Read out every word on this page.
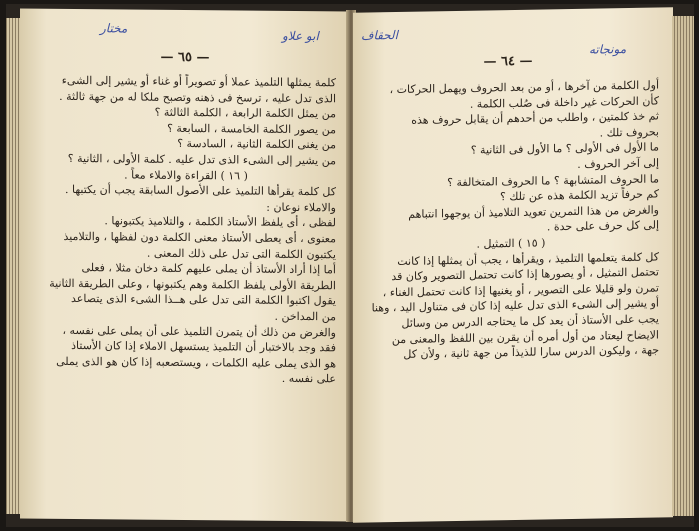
مختار
ابو علاو
— ٦٥ —

كلمة يمثلها التلميذ عملا أو تصويراً أو غناء أو يشير إلى الشىء

الذى تدل عليه ، ترسخ فى ذهنه وتصبح ملكا له من جهة ثالثة .

من يمثل الكلمة الرابعة ، الكلمة الثالثة ؟

من يصور الكلمة الخامسة ، السابعة ؟

من يغنى الكلمة الثانية ، السادسة ؟

من يشير إلى الشىء الذى تدل عليه . كلمة الأولى ، الثانية ؟

( ١٦ ) القراءة والاملاء معاً .

كل كلمة يقرأها التلميذ على الأصول السابقة يجب أن يكتبها .

والاملاء نوعان :

لفظى ، أى يلفظ الأستاذ الكلمة ، والتلاميذ يكتبونها .

معنوى ، أى يعطى الأستاذ معنى الكلمة دون لفظها ، والتلاميذ

يكتبون الكلمة التى تدل على ذلك المعنى .

أما إذا أراد الأستاذ أن يملى عليهم كلمة دخان مثلا ، فعلى

الطريقة الأولى يلفظ الكلمة وهم يكتبونها ، وعلى الطريقة الثانية

يقول اكتبوا الكلمة التى تدل على هــذا الشىء الذى يتصاعد

من المداخن .

والغرض من ذلك أن يتمرن التلميذ على أن يملى على نفسه ،

فقد وجد بالاختبار أن التلميذ يستسهل الاملاء إذا كان الأستاذ

هو الذى يملى عليه الكلمات ، ويستصعبه إذا كان هو الذى يملى

على نفسه .

الحقاف
مونجاته
— ٦٤ —

أول الكلمة من آخرها ، أو من بعد الحروف ويهمل الحركات ،

كأن الحركات غير داخلة فى صُلب الكلمة .

ثم خذ كلمتين ، واطلب من أحدهم أن يقابل حروف هذه

بحروف تلك .

ما الأول فى الأولى ؟ ما الأول فى الثانية ؟

إلى آخر الحروف .

ما الحروف المتشابهة ؟ ما الحروف المتخالفة ؟

كم حرفاً تزيد الكلمة هذه عن تلك ؟

والغرض من هذا التمرين تعويد التلاميذ أن يوجهوا انتباهم

إلى كل حرف على حدة .

( ١٥ ) التمثيل .

كل كلمة يتعلمها التلميذ ، ويقرأها ، يجب أن يمثلها إذا كانت

تحتمل التمثيل ، أو يصورها إذا كانت تحتمل التصوير وكان قد

تمرن ولو قليلا على التصوير ، أو يغنيها إذا كانت تحتمل الغناء ،

أو يشير إلى الشىء الذى تدل عليه إذا كان فى متناول اليد ، وهنا

يجب على الأستاذ أن يعد كل ما يحتاجه الدرس من وسائل

الايضاح ليعتاد من أول أمره أن يقرن بين اللفظ والمعنى من

جهة ، وليكون الدرس سارا للذيذاً من جهة ثانية ، ولأن كل
